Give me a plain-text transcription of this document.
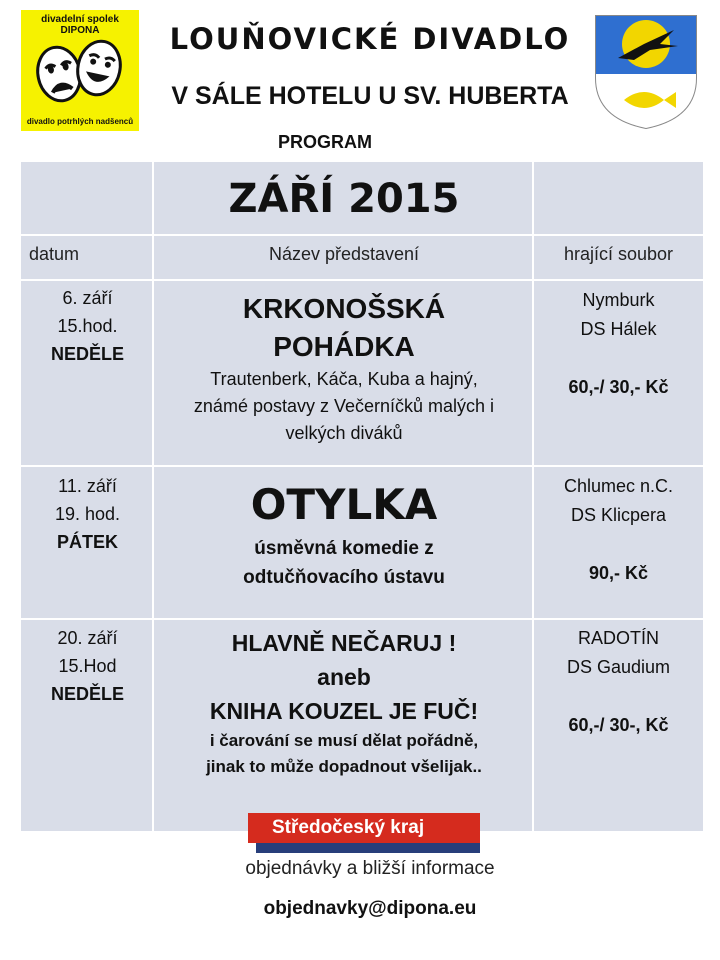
divadelní spolek
DIPONA
divadlo potrhlých nadšenců
LOUŇOVICKÉ DIVADLO
V SÁLE HOTELU U SV. HUBERTA
PROGRAM
ZÁŘÍ 2015
datum	Název představení	hrající soubor
6. září
15.hod.
NEDĚLE
KRKONOŠSKÁ
POHÁDKA
Trautenberk, Káča, Kuba a hajný,
známé postavy z Večerníčků malých i
velkých diváků
Nymburk
DS Hálek
60,-/ 30,- Kč
11. září
19. hod.
PÁTEK
OTYLKA
úsměvná komedie z
odtučňovacího ústavu
Chlumec n.C.
DS Klicpera
90,- Kč
20. září
15.Hod
NEDĚLE
HLAVNĚ NEČARUJ !
aneb
KNIHA KOUZEL JE FUČ!
i čarování se musí dělat pořádně,
jinak to může dopadnout všelijak..
RADOTÍN
DS Gaudium
60,-/ 30-, Kč
Středočeský kraj
objednávky a bližší informace
objednavky@dipona.eu
